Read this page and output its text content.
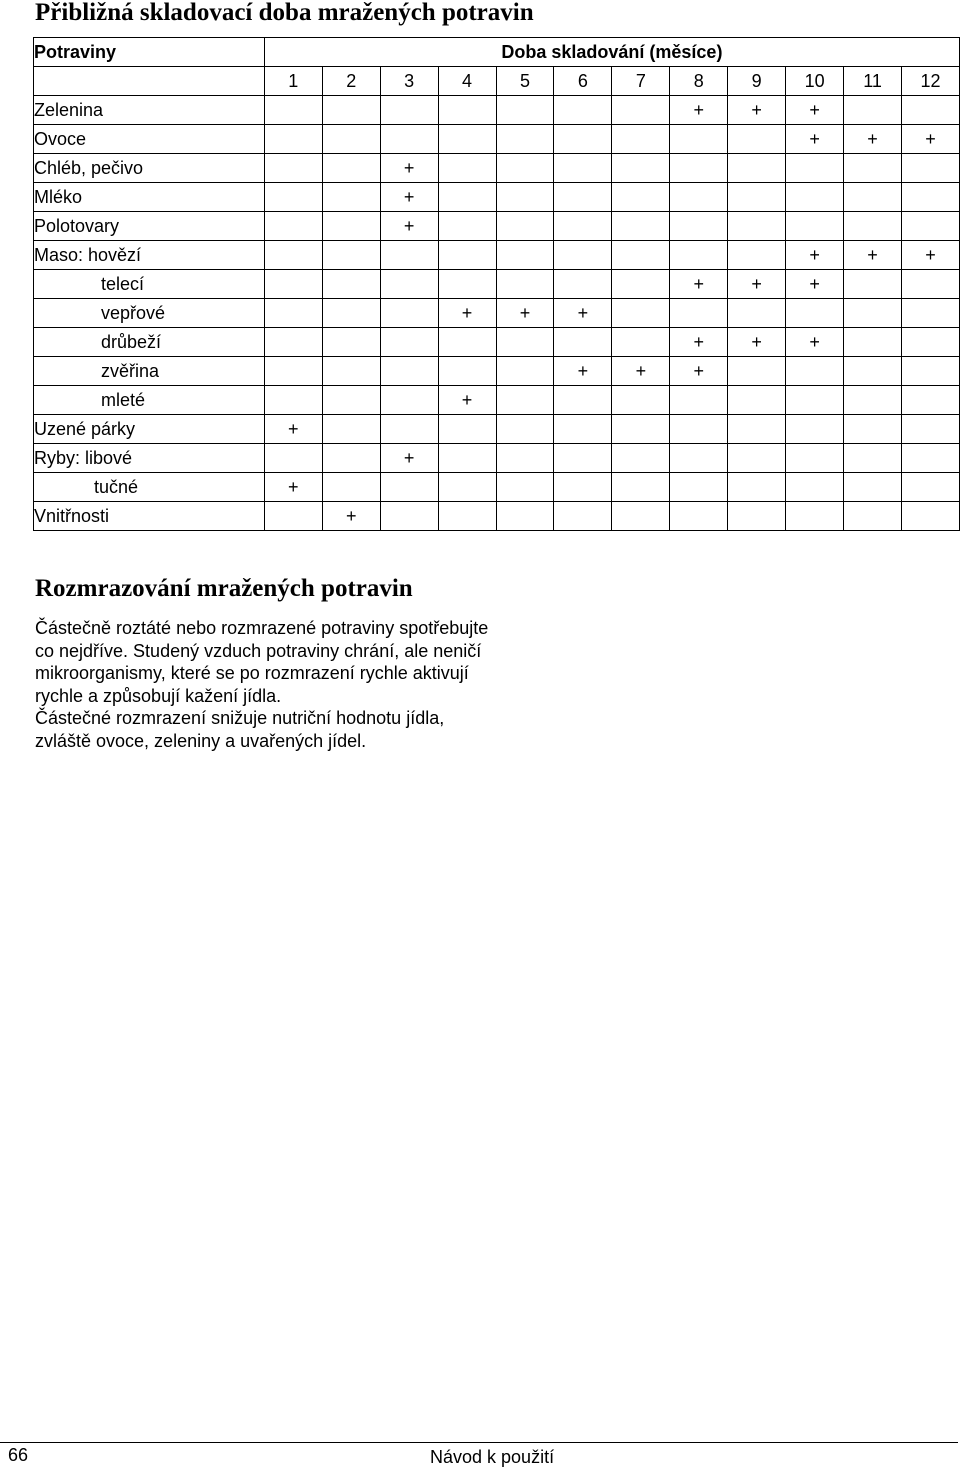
Přibližná skladovací doba mražených potravin
Potraviny	Doba skladování (měsíce)											
	1	2	3	4	5	6	7	8	9	10	11	12
Zelenina								+	+	+		
Ovoce										+	+	+
Chléb, pečivo			+									
Mléko			+									
Polotovary			+									
Maso: hovězí										+	+	+
telecí								+	+	+		
vepřové				+	+	+						
drůbeží								+	+	+		
zvěřina						+	+	+				
mleté				+								
Uzené párky	+											
Ryby: libové			+									
tučné	+											
Vnitřnosti		+										
Rozmrazování mražených potravin

Částečně roztáté nebo rozmrazené potraviny spotřebujte co nejdříve. Studený vzduch potraviny chrání, ale neničí mikroorganismy, které se po rozmrazení rychle aktivují rychle a způsobují kažení jídla.

Částečné rozmrazení snižuje nutriční hodnotu jídla, zvláště ovoce, zeleniny a uvařených jídel.

66	Návod k použití
